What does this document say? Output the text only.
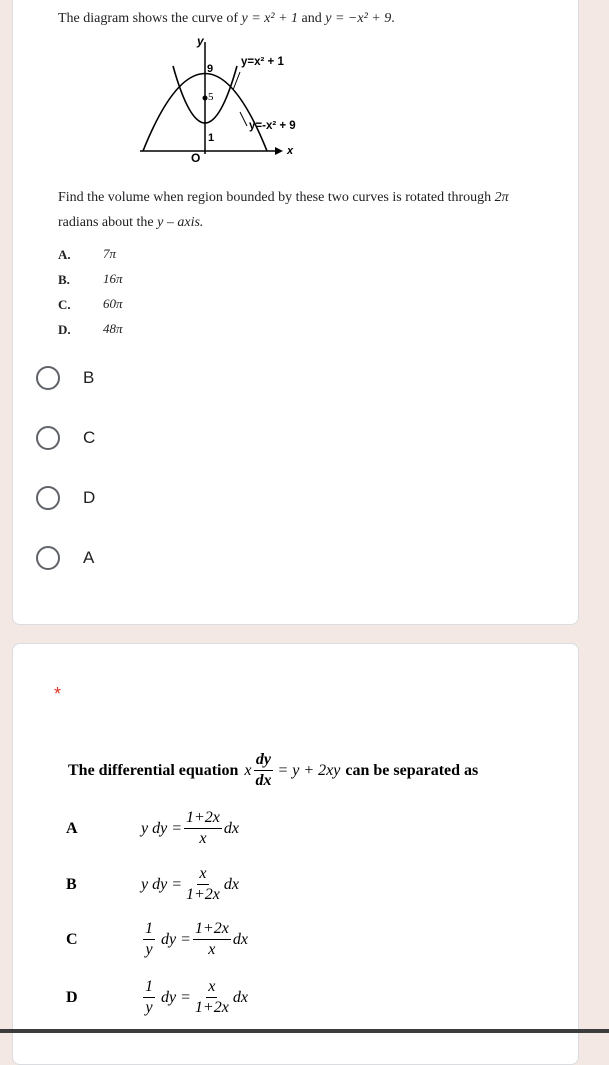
The diagram shows the curve of y = x² + 1 and y = −x² + 9.
y
x
O
9
5
1
y=x² + 1
y=-x² + 9
Find the volume when region bounded by these two curves is rotated through 2π
radians about the y – axis.
A. 7π
B.	16π
C. 60π
D. 48π
B
C
D
A
*
The differential equation x $\frac{dy}{dx} = y + 2xy$ can be separated as
A	y dy = $\frac{1+2x}{x}$ dx
B	y dy = $\frac{x}{1+2x}$ dx
C	$\frac{1}{y}$ dy = $\frac{1+2x}{x}$ dx
D	$\frac{1}{y}$ dy = $\frac{x}{1+2x}$ dx
